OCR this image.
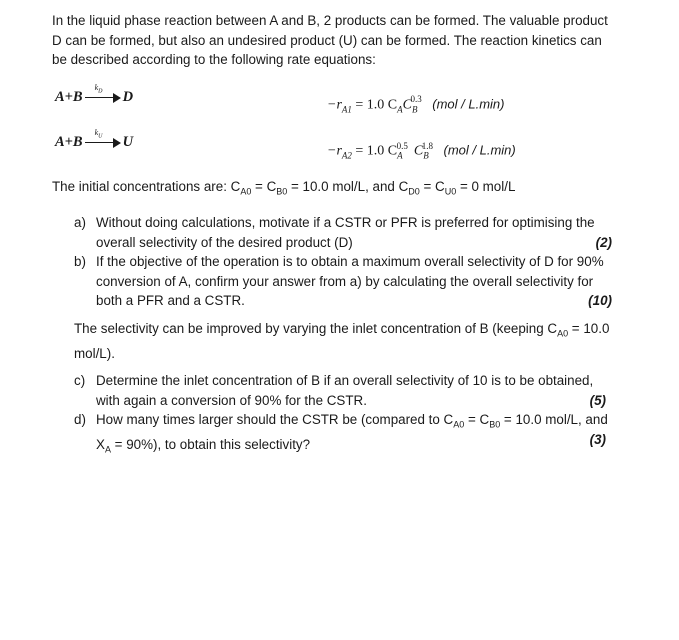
In the liquid phase reaction between A and B, 2 products can be formed. The valuable product D can be formed, but also an undesired product (U) can be formed. The reaction kinetics can be described according to the following rate equations:
A+B
$k_D$ D
$-r_{A1} = 1.0$ $C_AC_B^{0.3}$ (mol / L.min)
A+B
$k_U$ U
$-r_{A2} = 1.0$ $C_A^{0.5}$ $C_B^{1.8}$ (mol / L.min)
The initial concentrations are: $C_{A0} = C_{B0} = 10.0$ mol/L, and $C_{D0} = C_{U0} = 0$ mol/L
a) Without doing calculations, motivate if a CSTR or PFR is preferred for optimising the overall selectivity of the desired product (D)	(2)
b) If the objective of the operation is to obtain a maximum overall selectivity of D for 90% conversion of A, confirm your answer from a) by calculating the overall selectivity for both a PFR and a CSTR.	(10)
The selectivity can be improved by varying the inlet concentration of B (keeping $C_{A0} = 10.0$ mol/L).
c) Determine the inlet concentration of B if an overall selectivity of 10 is to be obtained, with again a conversion of 90% for the CSTR.	(5)
d) How many times larger should the CSTR be (compared to $C_{A0} = C_{B0} = 10.0$ mol/L, and $X_A = 90\%$), to obtain this selectivity?	(3)
